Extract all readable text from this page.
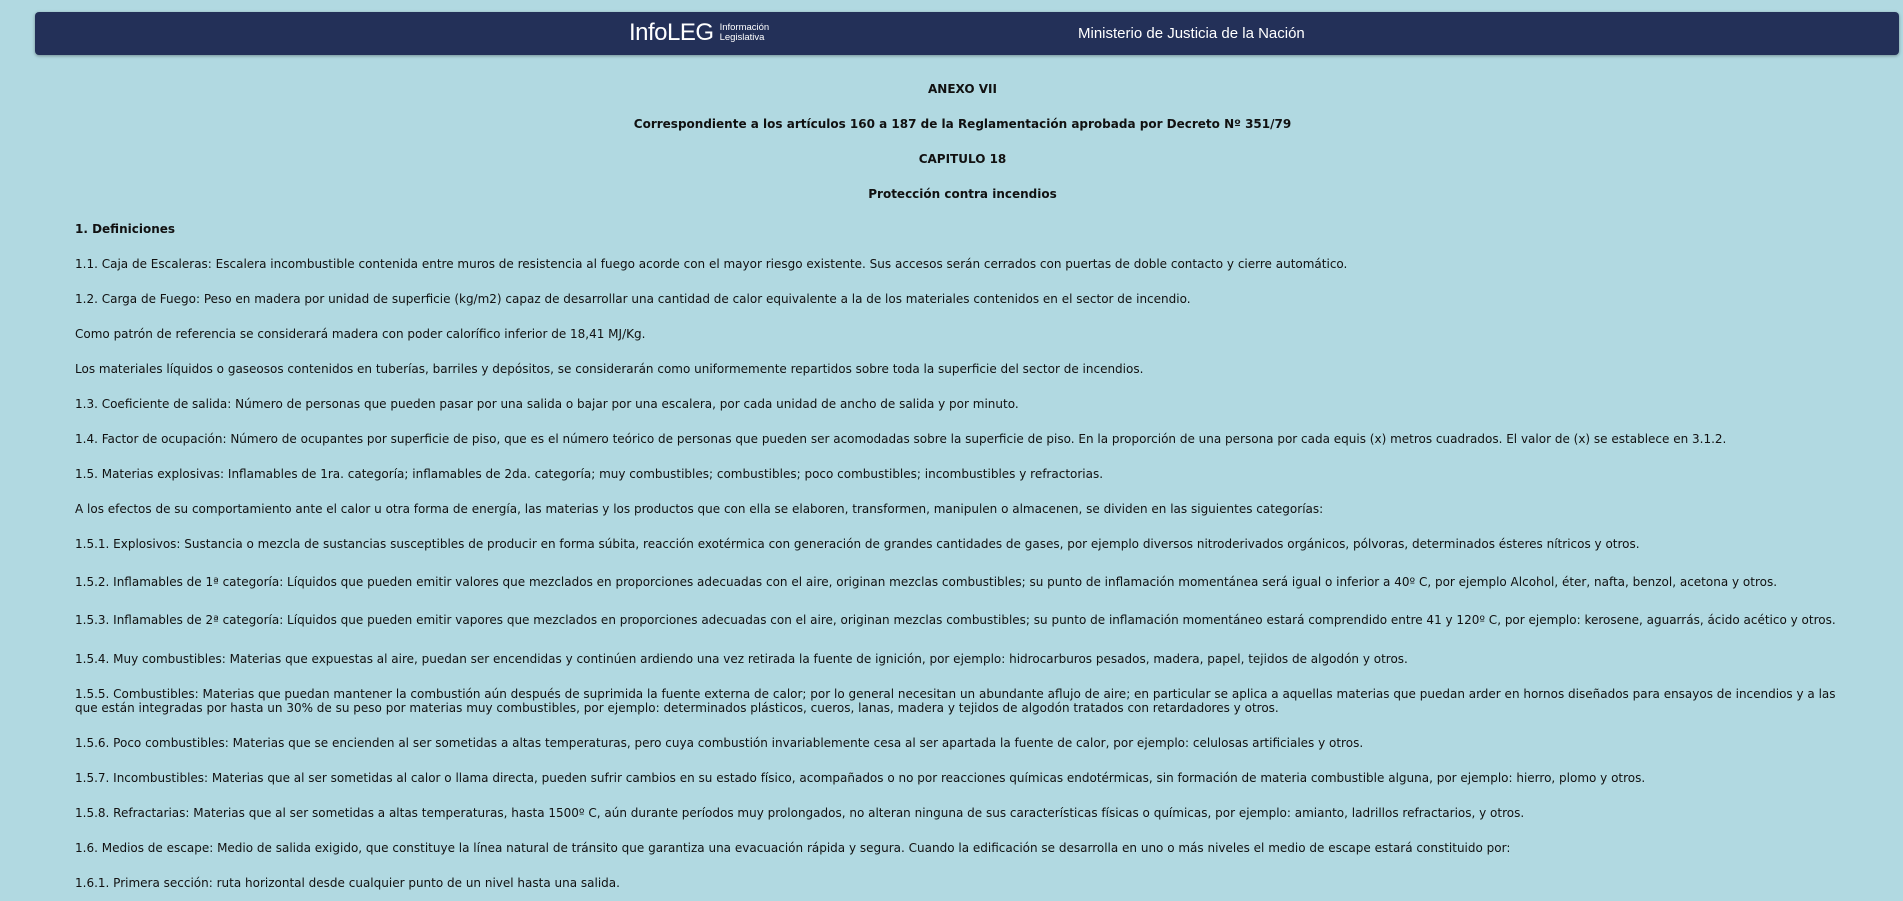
InfoLEG Información
Legislativa	Ministerio de Justicia de la Nación

ANEXO VII

Correspondiente a los artículos 160 a 187 de la Reglamentación aprobada por Decreto Nº 351/79

CAPITULO 18

Protección contra incendios

1. Definiciones

1.1. Caja de Escaleras: Escalera incombustible contenida entre muros de resistencia al fuego acorde con el mayor riesgo existente. Sus accesos serán cerrados con puertas de doble contacto y cierre automático.

1.2. Carga de Fuego: Peso en madera por unidad de superficie (kg/m2) capaz de desarrollar una cantidad de calor equivalente a la de los materiales contenidos en el sector de incendio.

Como patrón de referencia se considerará madera con poder calorífico inferior de 18,41 MJ/Kg.

Los materiales líquidos o gaseosos contenidos en tuberías, barriles y depósitos, se considerarán como uniformemente repartidos sobre toda la superficie del sector de incendios.

1.3. Coeficiente de salida: Número de personas que pueden pasar por una salida o bajar por una escalera, por cada unidad de ancho de salida y por minuto.

1.4. Factor de ocupación: Número de ocupantes por superficie de piso, que es el número teórico de personas que pueden ser acomodadas sobre la superficie de piso. En la proporción de una persona por cada equis (x) metros cuadrados. El valor de (x) se establece en 3.1.2.

1.5. Materias explosivas: Inflamables de 1ra. categoría; inflamables de 2da. categoría; muy combustibles; combustibles; poco combustibles; incombustibles y refractorias.

A los efectos de su comportamiento ante el calor u otra forma de energía, las materias y los productos que con ella se elaboren, transformen, manipulen o almacenen, se dividen en las siguientes categorías:

1.5.1. Explosivos: Sustancia o mezcla de sustancias susceptibles de producir en forma súbita, reacción exotérmica con generación de grandes cantidades de gases, por ejemplo diversos nitroderivados orgánicos, pólvoras, determinados ésteres nítricos y otros.

1.5.2. Inflamables de 1ª categoría: Líquidos que pueden emitir valores que mezclados en proporciones adecuadas con el aire, originan mezclas combustibles; su punto de inflamación momentánea será igual o inferior a 40º C, por ejemplo Alcohol, éter, nafta, benzol, acetona y otros.

1.5.3. Inflamables de 2ª categoría: Líquidos que pueden emitir vapores que mezclados en proporciones adecuadas con el aire, originan mezclas combustibles; su punto de inflamación momentáneo estará comprendido entre 41 y 120º C, por ejemplo: kerosene, aguarrás, ácido acético y otros.

1.5.4. Muy combustibles: Materias que expuestas al aire, puedan ser encendidas y continúen ardiendo una vez retirada la fuente de ignición, por ejemplo: hidrocarburos pesados, madera, papel, tejidos de algodón y otros.

1.5.5. Combustibles: Materias que puedan mantener la combustión aún después de suprimida la fuente externa de calor; por lo general necesitan un abundante aflujo de aire; en particular se aplica a aquellas materias que puedan arder en hornos diseñados para ensayos de incendios y a las que están integradas por hasta un 30% de su peso por materias muy combustibles, por ejemplo: determinados plásticos, cueros, lanas, madera y tejidos de algodón tratados con retardadores y otros.

1.5.6. Poco combustibles: Materias que se encienden al ser sometidas a altas temperaturas, pero cuya combustión invariablemente cesa al ser apartada la fuente de calor, por ejemplo: celulosas artificiales y otros.

1.5.7. Incombustibles: Materias que al ser sometidas al calor o llama directa, pueden sufrir cambios en su estado físico, acompañados o no por reacciones químicas endotérmicas, sin formación de materia combustible alguna, por ejemplo: hierro, plomo y otros.

1.5.8. Refractarias: Materias que al ser sometidas a altas temperaturas, hasta 1500º C, aún durante períodos muy prolongados, no alteran ninguna de sus características físicas o químicas, por ejemplo: amianto, ladrillos refractarios, y otros.

1.6. Medios de escape: Medio de salida exigido, que constituye la línea natural de tránsito que garantiza una evacuación rápida y segura. Cuando la edificación se desarrolla en uno o más niveles el medio de escape estará constituido por:

1.6.1. Primera sección: ruta horizontal desde cualquier punto de un nivel hasta una salida.
